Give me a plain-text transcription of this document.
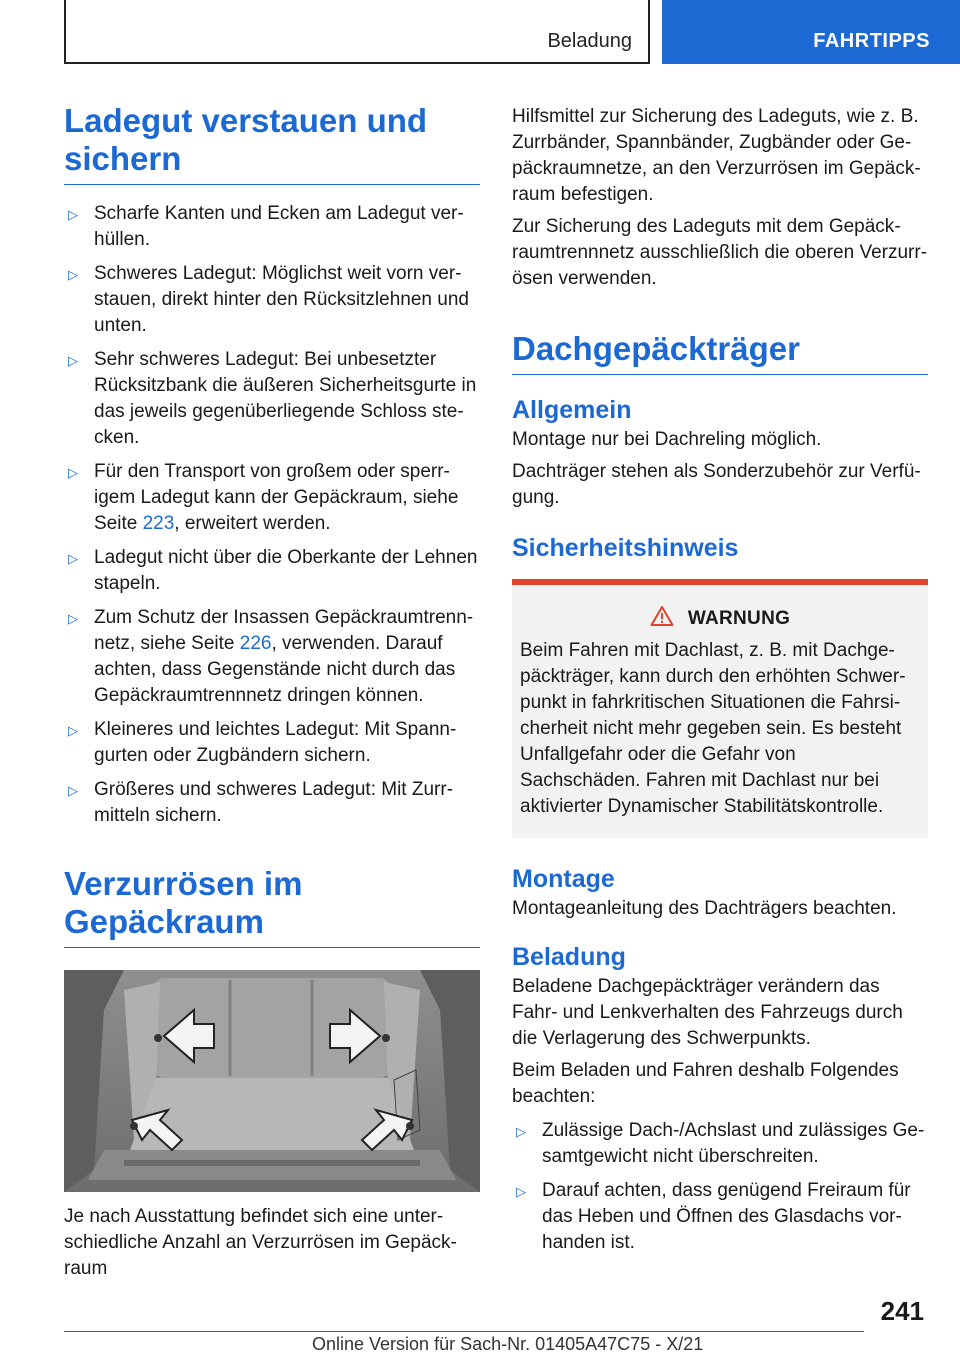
Beladung	FAHRTIPPS
Ladegut verstauen und sichern
▷ Scharfe Kanten und Ecken am Ladegut verhüllen.
▷ Schweres Ladegut: Möglichst weit vorn verstauen, direkt hinter den Rücksitzlehnen und unten.
▷ Sehr schweres Ladegut: Bei unbesetzter Rücksitzbank die äußeren Sicherheitsgurte in das jeweils gegenüberliegende Schloss stecken.
▷ Für den Transport von großem oder sperrigem Ladegut kann der Gepäckraum, siehe Seite 223, erweitert werden.
▷ Ladegut nicht über die Oberkante der Lehnen stapeln.
▷ Zum Schutz der Insassen Gepäckraumtrennnetz, siehe Seite 226, verwenden. Darauf achten, dass Gegenstände nicht durch das Gepäckraumtrennnetz dringen können.
▷ Kleineres und leichtes Ladegut: Mit Spanngurten oder Zugbändern sichern.
▷ Größeres und schweres Ladegut: Mit Zurrmitteln sichern.
Verzurrösen im Gepäckraum

Je nach Ausstattung befindet sich eine unterschiedliche Anzahl an Verzurrösen im Gepäckraum

Hilfsmittel zur Sicherung des Ladeguts, wie z. B. Zurrbänder, Spannbänder, Zugbänder oder Gepäckraumnetze, an den Verzurrösen im Gepäckraum befestigen.

Zur Sicherung des Ladeguts mit dem Gepäckraumtrennnetz ausschließlich die oberen Verzurrösen verwenden.

Dachgepäckträger
Allgemein

Montage nur bei Dachreling möglich.

Dachträger stehen als Sonderzubehör zur Verfügung.

Sicherheitshinweis
WARNUNG

Beim Fahren mit Dachlast, z. B. mit Dachgepäckträger, kann durch den erhöhten Schwerpunkt in fahrkritischen Situationen die Fahrsicherheit nicht mehr gegeben sein. Es besteht Unfallgefahr oder die Gefahr von Sachschäden. Fahren mit Dachlast nur bei aktivierter Dynamischer Stabilitätskontrolle.

Montage

Montageanleitung des Dachträgers beachten.

Beladung

Beladene Dachgepäckträger verändern das Fahr- und Lenkverhalten des Fahrzeugs durch die Verlagerung des Schwerpunkts.

Beim Beladen und Fahren deshalb Folgendes beachten:

▷ Zulässige Dach-/Achslast und zulässiges Gesamtgewicht nicht überschreiten.
▷ Darauf achten, dass genügend Freiraum für das Heben und Öffnen des Glasdachs vorhanden ist.
241
Online Version für Sach-Nr. 01405A47C75 - X/21
